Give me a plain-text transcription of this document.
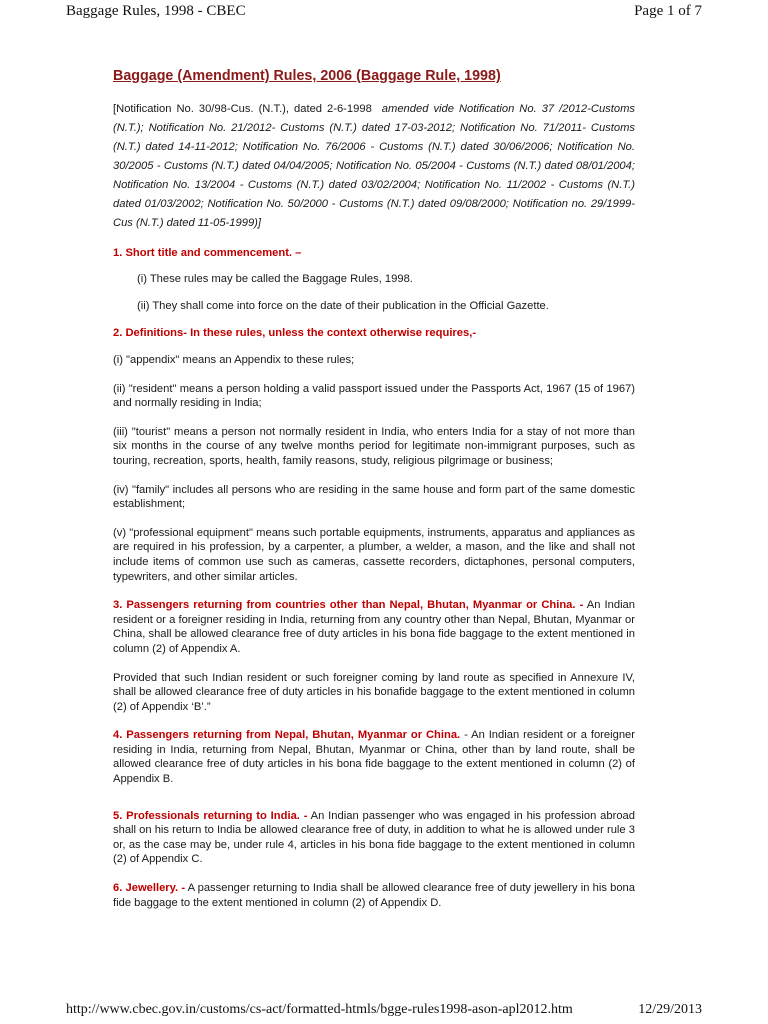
Baggage Rules, 1998 - CBEC	Page 1 of 7
Baggage (Amendment) Rules, 2006 (Baggage Rule, 1998)

[Notification No. 30/98-Cus. (N.T.), dated 2-6-1998 amended vide Notification No. 37 /2012-Customs (N.T.); Notification No. 21/2012- Customs (N.T.) dated 17-03-2012; Notification No. 71/2011- Customs (N.T.) dated 14-11-2012; Notification No. 76/2006 - Customs (N.T.) dated 30/06/2006; Notification No. 30/2005 - Customs (N.T.) dated 04/04/2005; Notification No. 05/2004 - Customs (N.T.) dated 08/01/2004; Notification No. 13/2004 - Customs (N.T.) dated 03/02/2004; Notification No. 11/2002 - Customs (N.T.) dated 01/03/2002; Notification No. 50/2000 - Customs (N.T.) dated 09/08/2000; Notification no. 29/1999-Cus (N.T.) dated 11-05-1999)]

1. Short title and commencement. –

(i) These rules may be called the Baggage Rules, 1998.

(ii) They shall come into force on the date of their publication in the Official Gazette.

2. Definitions- In these rules, unless the context otherwise requires,-

(i) "appendix" means an Appendix to these rules;

(ii) "resident" means a person holding a valid passport issued under the Passports Act, 1967 (15 of 1967) and normally residing in India;

(iii) "tourist" means a person not normally resident in India, who enters India for a stay of not more than six months in the course of any twelve months period for legitimate non-immigrant purposes, such as touring, recreation, sports, health, family reasons, study, religious pilgrimage or business;

(iv) "family" includes all persons who are residing in the same house and form part of the same domestic establishment;

(v) "professional equipment" means such portable equipments, instruments, apparatus and appliances as are required in his profession, by a carpenter, a plumber, a welder, a mason, and the like and shall not include items of common use such as cameras, cassette recorders, dictaphones, personal computers, typewriters, and other similar articles.

3. Passengers returning from countries other than Nepal, Bhutan, Myanmar or China. - An Indian resident or a foreigner residing in India, returning from any country other than Nepal, Bhutan, Myanmar or China, shall be allowed clearance free of duty articles in his bona fide baggage to the extent mentioned in column (2) of Appendix A.

Provided that such Indian resident or such foreigner coming by land route as specified in Annexure IV, shall be allowed clearance free of duty articles in his bonafide baggage to the extent mentioned in column (2) of Appendix ‘B’.”

4. Passengers returning from Nepal, Bhutan, Myanmar or China. - An Indian resident or a foreigner residing in India, returning from Nepal, Bhutan, Myanmar or China, other than by land route, shall be allowed clearance free of duty articles in his bona fide baggage to the extent mentioned in column (2) of Appendix B.

5. Professionals returning to India. - An Indian passenger who was engaged in his profession abroad shall on his return to India be allowed clearance free of duty, in addition to what he is allowed under rule 3 or, as the case may be, under rule 4, articles in his bona fide baggage to the extent mentioned in column (2) of Appendix C.

6. Jewellery. - A passenger returning to India shall be allowed clearance free of duty jewellery in his bona fide baggage to the extent mentioned in column (2) of Appendix D.

http://www.cbec.gov.in/customs/cs-act/formatted-htmls/bgge-rules1998-ason-apl2012.htm	12/29/2013
